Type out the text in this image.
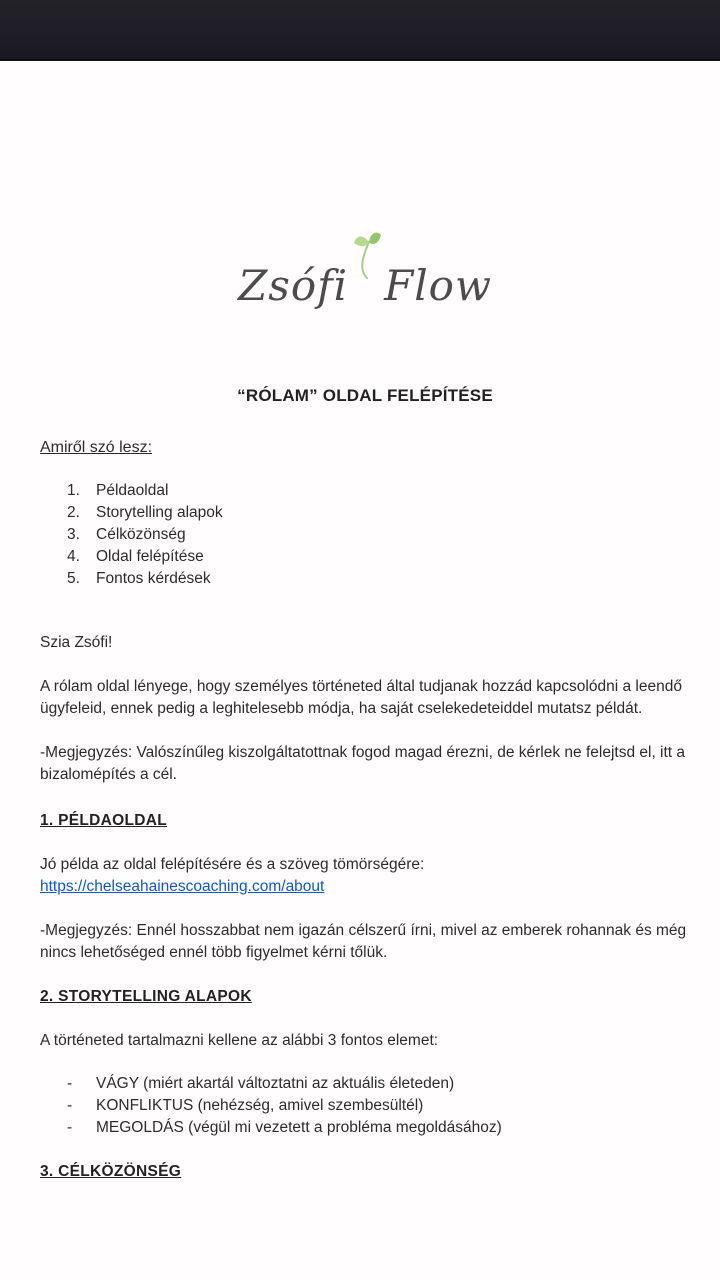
Zsófi Flow
“RÓLAM” OLDAL FELÉPÍTÉSE
Amiről szó lesz:
Példaoldal
Storytelling alapok
Célközönség
Oldal felépítése
Fontos kérdések

Szia Zsófi!

A rólam oldal lényege, hogy személyes történeted által tudjanak hozzád kapcsolódni a leendő ügyfeleid, ennek pedig a leghitelesebb módja, ha saját cselekedeteiddel mutatsz példát.

-Megjegyzés: Valószínűleg kiszolgáltatottnak fogod magad érezni, de kérlek ne felejtsd el, itt a bizalomépítés a cél.

1. PÉLDAOLDAL
Jó példa az oldal felépítésére és a szöveg tömörségére:
https://chelseahainescoaching.com/about

-Megjegyzés: Ennél hosszabbat nem igazán célszerű írni, mivel az emberek rohannak és még nincs lehetőséged ennél több figyelmet kérni tőlük.

2. STORYTELLING ALAPOK

A történeted tartalmazni kellene az alábbi 3 fontos elemet:

-	VÁGY (miért akartál változtatni az aktuális életeden)
-	KONFLIKTUS (nehézség, amivel szembesültél)
-	MEGOLDÁS (végül mi vezetett a probléma megoldásához)
3. CÉLKÖZÖNSÉG
